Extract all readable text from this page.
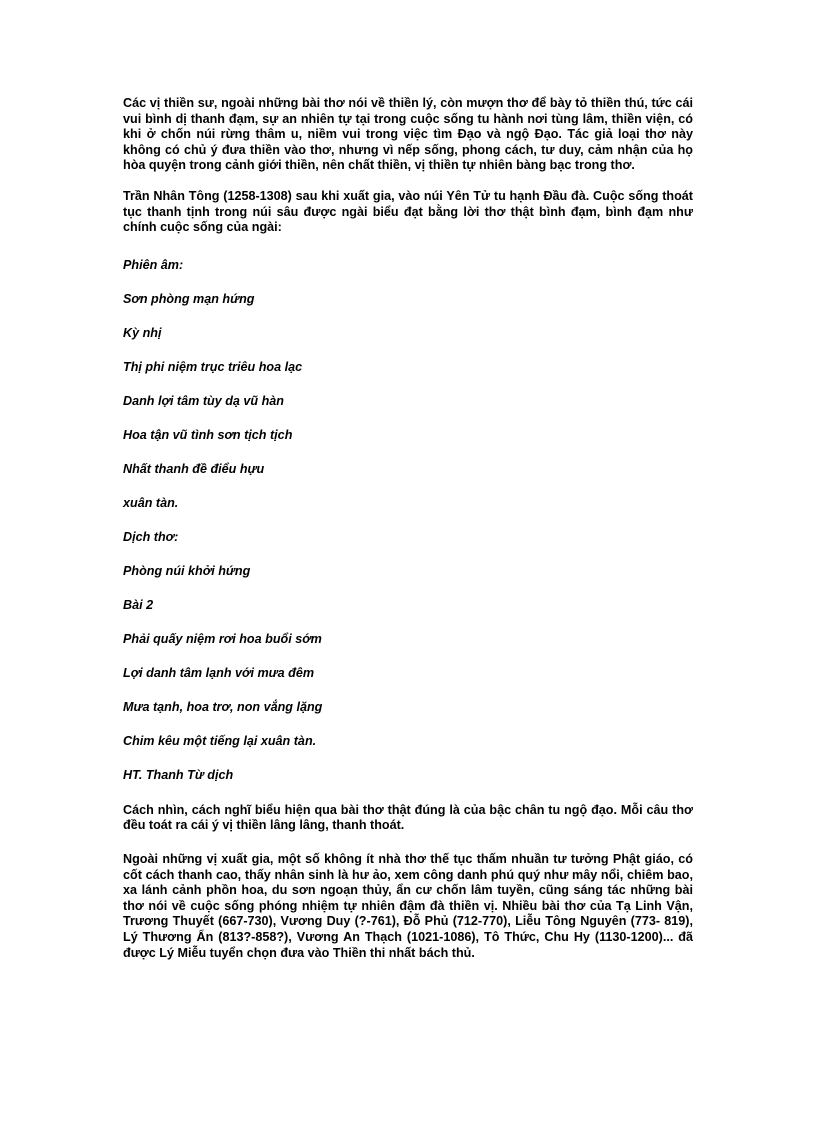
Các vị thiền sư, ngoài những bài thơ nói về thiền lý, còn mượn thơ để bày tỏ thiền thú, tức cái vui bình dị thanh đạm, sự an nhiên tự tại trong cuộc sống tu hành nơi tùng lâm, thiền viện, có khi ở chốn núi rừng thâm u, niềm vui trong việc tìm Đạo và ngộ Đạo. Tác giả loại thơ này không có chủ ý đưa thiền vào thơ, nhưng vì nếp sống, phong cách, tư duy, cảm nhận của họ hòa quyện trong cảnh giới thiền, nên chất thiền, vị thiền tự nhiên bàng bạc trong thơ.

Trần Nhân Tông (1258-1308) sau khi xuất gia, vào núi Yên Tử tu hạnh Đầu đà. Cuộc sống thoát tục thanh tịnh trong núi sâu được ngài biểu đạt bằng lời thơ thật bình đạm, bình đạm như chính cuộc sống của ngài:

Phiên âm:

Sơn phòng mạn hứng

Kỳ nhị

Thị phi niệm trục triêu hoa lạc

Danh lợi tâm tùy dạ vũ hàn

Hoa tận vũ tình sơn tịch tịch

Nhất thanh đề điểu hựu

xuân tàn.

Dịch thơ:

Phòng núi khởi hứng

Bài 2

Phải quấy niệm rơi hoa buổi sớm

Lợi danh tâm lạnh với mưa đêm

Mưa tạnh, hoa trơ, non vắng lặng

Chim kêu một tiếng lại xuân tàn.

HT. Thanh Từ dịch

Cách nhìn, cách nghĩ biểu hiện qua bài thơ thật đúng là của bậc chân tu ngộ đạo. Mỗi câu thơ đều toát ra cái ý vị thiền lâng lâng, thanh thoát.

Ngoài những vị xuất gia, một số không ít nhà thơ thế tục thấm nhuần tư tưởng Phật giáo, có cốt cách thanh cao, thấy nhân sinh là hư ảo, xem công danh phú quý như mây nổi, chiêm bao, xa lánh cảnh phồn hoa, du sơn ngoạn thủy, ẩn cư chốn lâm tuyền, cũng sáng tác những bài thơ nói về cuộc sống phóng nhiệm tự nhiên đậm đà thiền vị. Nhiều bài thơ của Tạ Linh Vận, Trương Thuyết (667-730), Vương Duy (?-761), Đỗ Phủ (712-770), Liễu Tông Nguyên (773- 819), Lý Thương Ẩn (813?-858?), Vương An Thạch (1021-1086), Tô Thức, Chu Hy (1130-1200)... đã được Lý Miễu tuyển chọn đưa vào Thiền thi nhất bách thủ.
